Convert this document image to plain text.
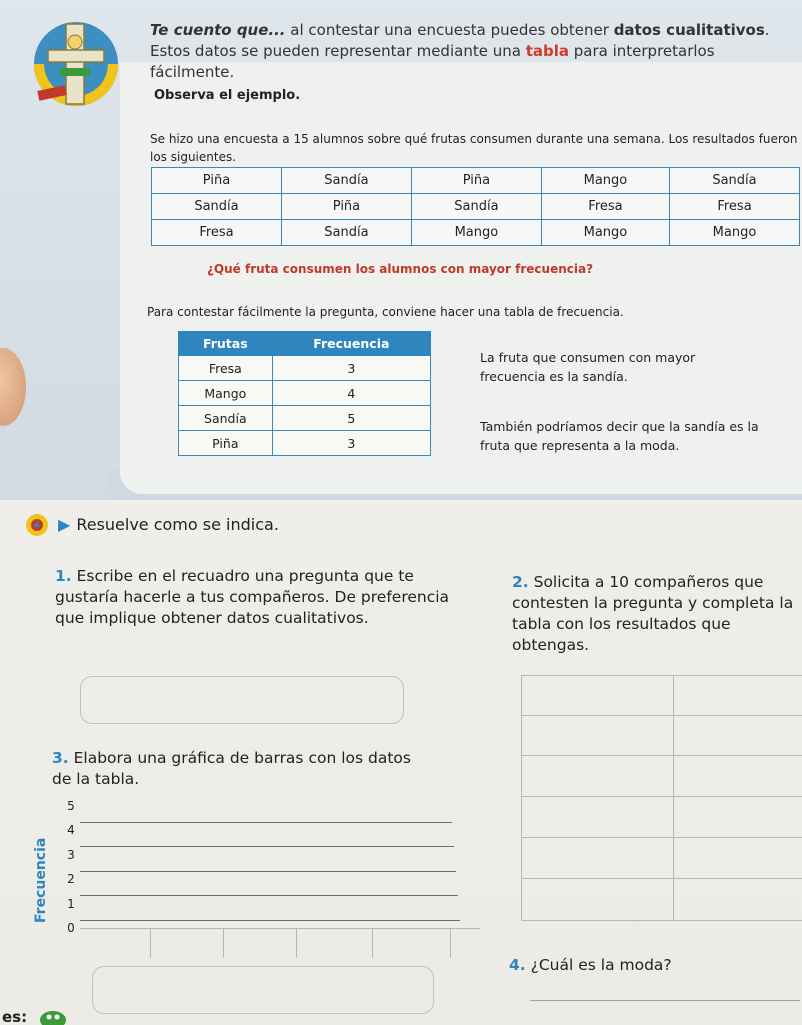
Te cuento que... al contestar una encuesta puedes obtener datos cualitativos. Estos datos se pueden representar mediante una tabla para interpretarlos fácilmente.
Observa el ejemplo.
Se hizo una encuesta a 15 alumnos sobre qué frutas consumen durante una semana. Los resultados fueron los siguientes.
Piña	Sandía	Piña	Mango	Sandía
Sandía	Piña	Sandía	Fresa	Fresa
Fresa	Sandía	Mango	Mango	Mango
¿Qué fruta consumen los alumnos con mayor frecuencia?
Para contestar fácilmente la pregunta, conviene hacer una tabla de frecuencia.
Frutas	Frecuencia
Fresa	3
Mango	4
Sandía	5
Piña	3
La fruta que consumen con mayor frecuencia es la sandía.
También podríamos decir que la sandía es la fruta que representa a la moda.
▶ Resuelve como se indica.
1. Escribe en el recuadro una pregunta que te gustaría hacerle a tus compañeros. De preferencia que implique obtener datos cualitativos.
2. Solicita a 10 compañeros que contesten la pregunta y completa la tabla con los resultados que obtengas.
3. Elabora una gráfica de barras con los datos de la tabla.
4. ¿Cuál es la moda?
Frecuencia
5
4
3
2
1
0
es:
